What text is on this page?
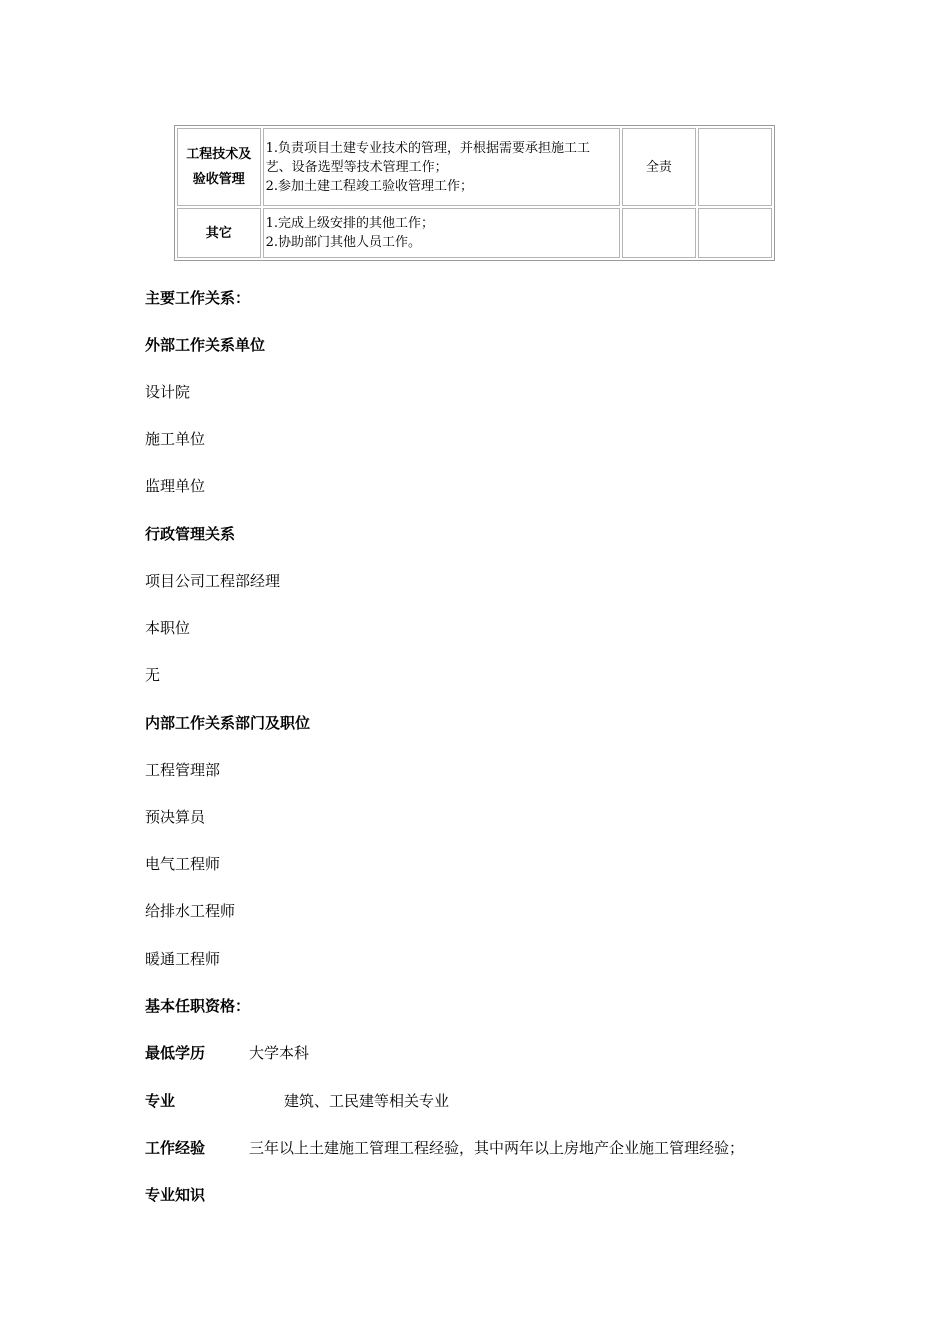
工程技术及
验收管理	1.负责项目土建专业技术的管理，并根据需要承担施工工
艺、设备选型等技术管理工作；
2.参加土建工程竣工验收管理工作；	全责	

其它	1.完成上级安排的其他工作；
2.协助部门其他人员工作。		

主要工作关系：
外部工作关系单位
设计院
施工单位
监理单位
行政管理关系
项目公司工程部经理
本职位
无
内部工作关系部门及职位
工程管理部
预决算员
电气工程师
给排水工程师
暖通工程师
基本任职资格：
最低学历	大学本科
专业	建筑、工民建等相关专业
工作经验	三年以上土建施工管理工程经验，其中两年以上房地产企业施工管理经验；
专业知识
